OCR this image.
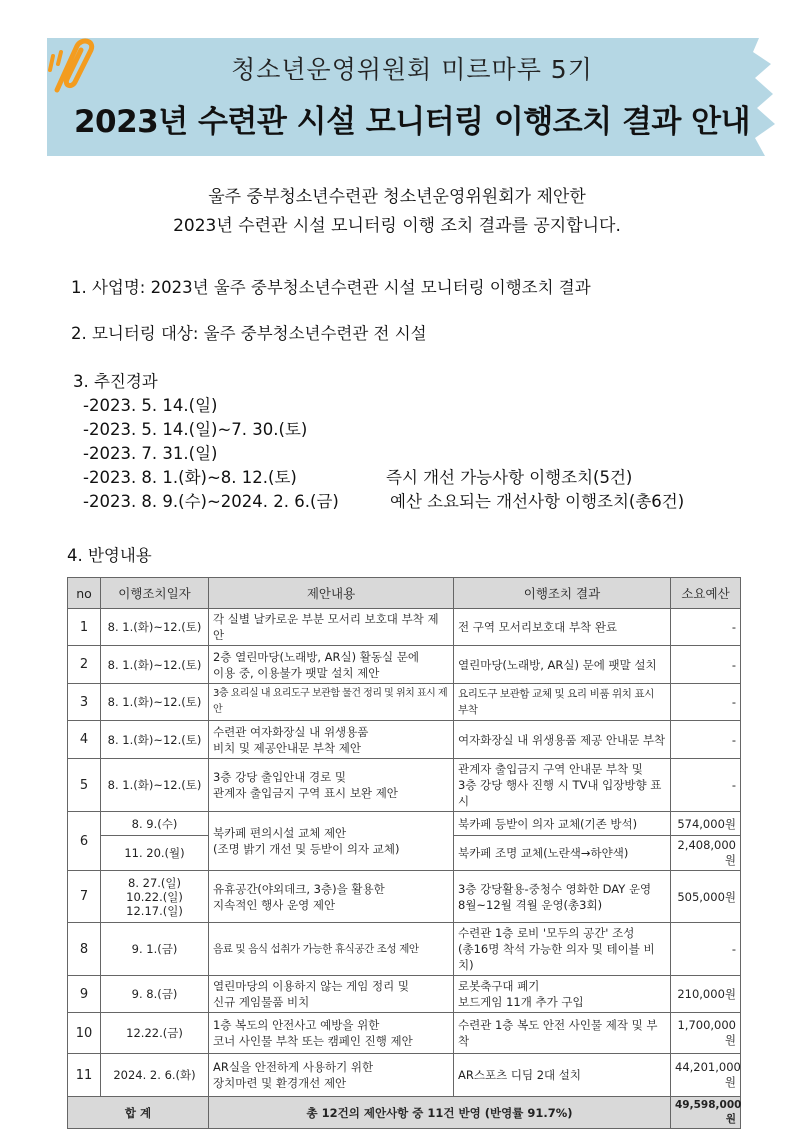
청소년운영위원회 미르마루 5기
2023년 수련관 시설 모니터링 이행조치 결과 안내
울주 중부청소년수련관 청소년운영위원회가 제안한
2023년 수련관 시설 모니터링 이행 조치 결과를 공지합니다.
1. 사업명: 2023년 울주 중부청소년수련관 시설 모니터링 이행조치 결과
2. 모니터링 대상: 울주 중부청소년수련관 전 시설
3. 추진경과
-2023. 5. 14.(일)
-2023. 5. 14.(일)~7. 30.(토)
-2023. 7. 31.(일)
-2023. 8. 1.(화)~8. 12.(토)	즉시 개선 가능사항 이행조치(5건)
-2023. 8. 9.(수)~2024. 2. 6.(금)	예산 소요되는 개선사항 이행조치(총6건)
4. 반영내용
no	이행조치일자	제안내용	이행조치 결과	소요예산
1	8. 1.(화)~12.(토)	각 실별 날카로운 부분 모서리 보호대 부착 제안	전 구역 모서리보호대 부착 완료	-
2	8. 1.(화)~12.(토)	2층 열린마당(노래방, AR실) 활동실 문에
이용 중, 이용불가 팻말 설치 제안	열린마당(노래방, AR실) 문에 팻말 설치	-
3	8. 1.(화)~12.(토)	3층 요리실 내 요리도구 보관함 물건 정리 및 위치 표시 제안	요리도구 보관함 교체 및 요리 비품 위치 표시 부착	-
4	8. 1.(화)~12.(토)	수련관 여자화장실 내 위생용품
비치 및 제공안내문 부착 제안	여자화장실 내 위생용품 제공 안내문 부착	-
5	8. 1.(화)~12.(토)	3층 강당 출입안내 경로 및
관계자 출입금지 구역 표시 보완 제안	관계자 출입금지 구역 안내문 부착 및
3층 강당 행사 진행 시 TV내 입장방향 표시	-
6	8. 9.(수)	북카페 편의시설 교체 제안
(조명 밝기 개선 및 등받이 의자 교체)	북카페 등받이 의자 교체(기존 방석)	574,000원
	11. 20.(월)		북카페 조명 교체(노란색→하얀색)	2,408,000원
7	8. 27.(일)
10.22.(일)
12.17.(일)	유휴공간(야외데크, 3층)을 활용한
지속적인 행사 운영 제안	3층 강당활용-중청수 영화한 DAY 운영
8월~12월 격월 운영(총3회)	505,000원
8	9. 1.(금)	음료 및 음식 섭취가 가능한 휴식공간 조성 제안	수련관 1층 로비 '모두의 공간' 조성
(총16명 착석 가능한 의자 및 테이블 비치)	-
9	9. 8.(금)	열린마당의 이용하지 않는 게임 정리 및
신규 게임물품 비치	로봇축구대 폐기
보드게임 11개 추가 구입	210,000원
10	12.22.(금)	1층 복도의 안전사고 예방을 위한
코너 사인물 부착 또는 캠페인 진행 제안	수련관 1층 복도 안전 사인물 제작 및 부착	1,700,000원
11	2024. 2. 6.(화)	AR실을 안전하게 사용하기 위한
장치마련 및 환경개선 제안	AR스포츠 디딤 2대 설치	44,201,000원
합 계		총 12건의 제안사항 중 11건 반영 (반영률 91.7%)		49,598,000원
